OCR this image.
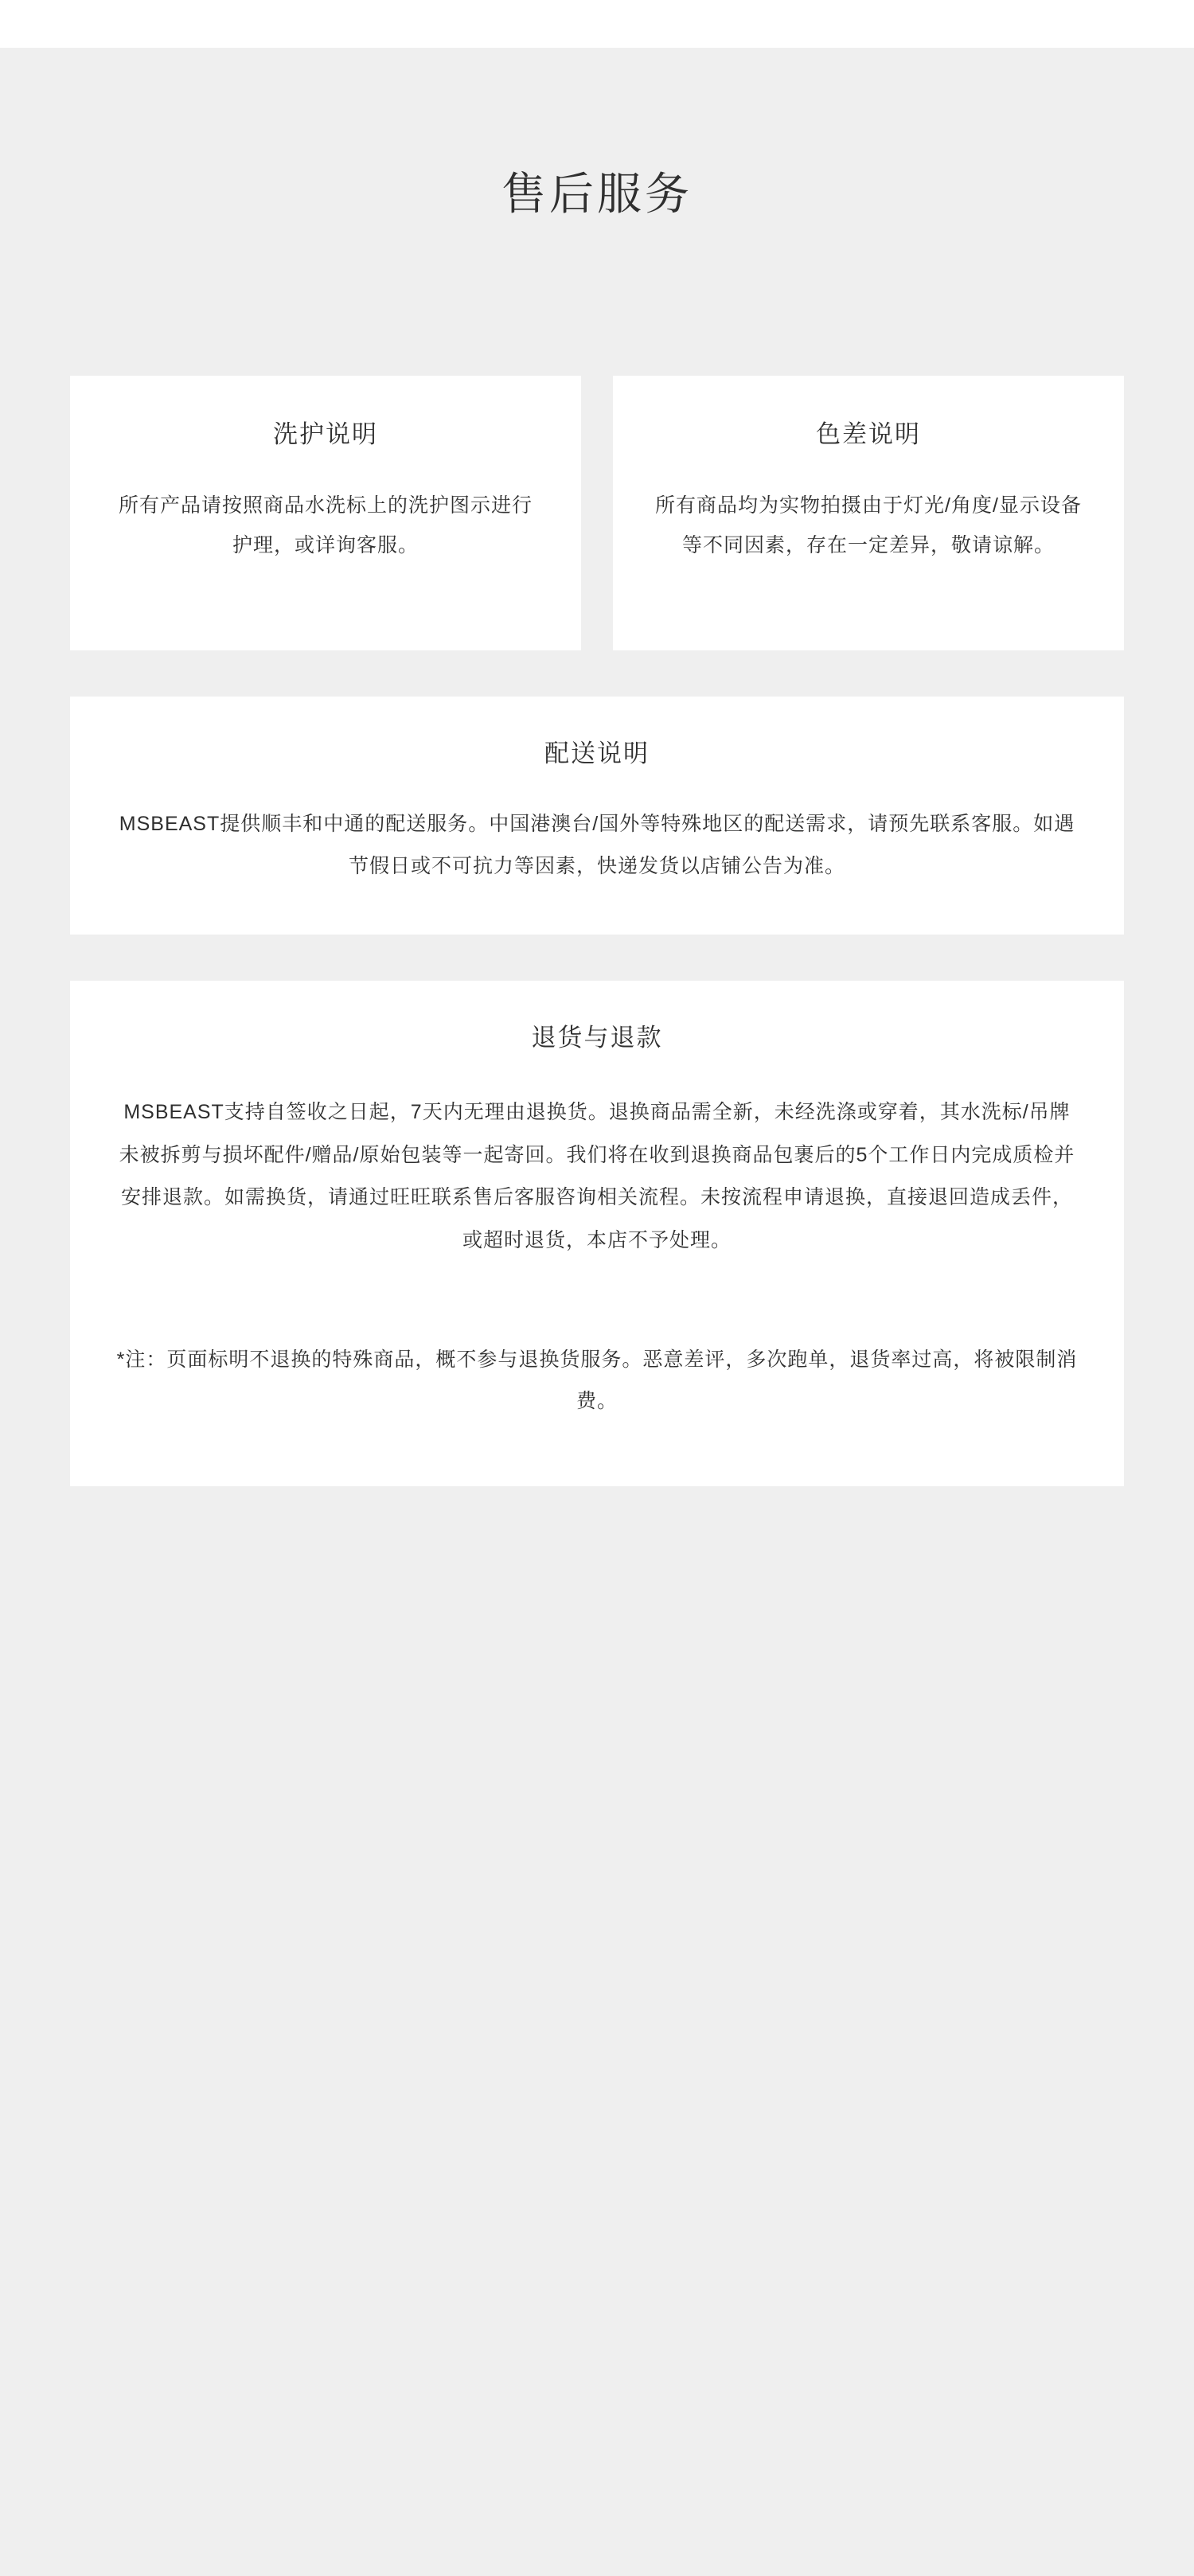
售后服务
洗护说明
所有产品请按照商品水洗标上的洗护图示进行护理，或详询客服。
色差说明
所有商品均为实物拍摄由于灯光/角度/显示设备等不同因素，存在一定差异，敬请谅解。
配送说明
MSBEAST提供顺丰和中通的配送服务。中国港澳台/国外等特殊地区的配送需求，请预先联系客服。如遇节假日或不可抗力等因素，快递发货以店铺公告为准。
退货与退款
MSBEAST支持自签收之日起，7天内无理由退换货。退换商品需全新，未经洗涤或穿着，其水洗标/吊牌未被拆剪与损坏配件/赠品/原始包装等一起寄回。我们将在收到退换商品包裹后的5个工作日内完成质检并安排退款。如需换货，请通过旺旺联系售后客服咨询相关流程。未按流程申请退换，直接退回造成丢件，或超时退货，本店不予处理。
*注：页面标明不退换的特殊商品，概不参与退换货服务。恶意差评，多次跑单，退货率过高，将被限制消费。
